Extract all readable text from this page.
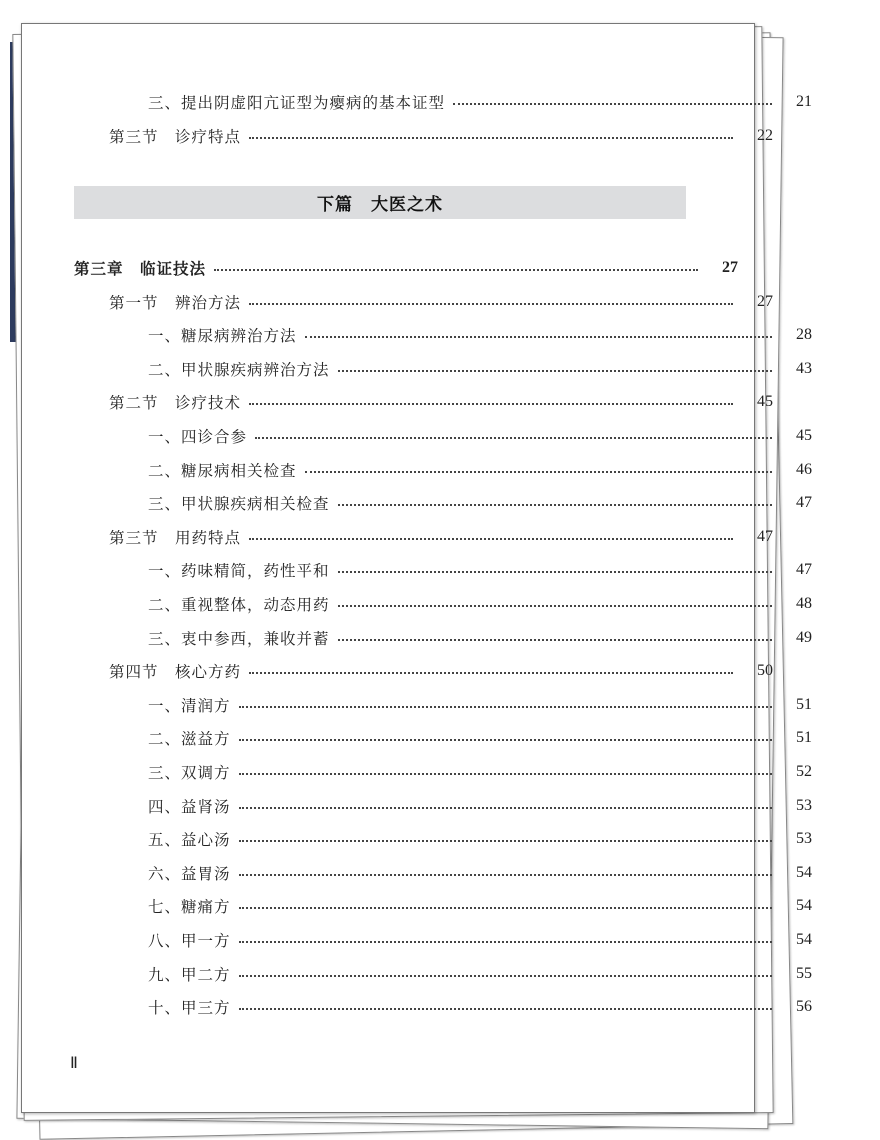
下篇　大医之术
三、提出阴虚阳亢证型为瘿病的基本证型	21
第三节　诊疗特点	22
第三章　临证技法	27
第一节　辨治方法	27
一、糖尿病辨治方法	28
二、甲状腺疾病辨治方法	43
第二节　诊疗技术	45
一、四诊合参	45
二、糖尿病相关检查	46
三、甲状腺疾病相关检查	47
第三节　用药特点	47
一、药味精简，药性平和	47
二、重视整体，动态用药	48
三、衷中参西，兼收并蓄	49
第四节　核心方药	50
一、清润方	51
二、滋益方	51
三、双调方	52
四、益肾汤	53
五、益心汤	53
六、益胃汤	54
七、糖痛方	54
八、甲一方	54
九、甲二方	55
十、甲三方	56
Ⅱ
